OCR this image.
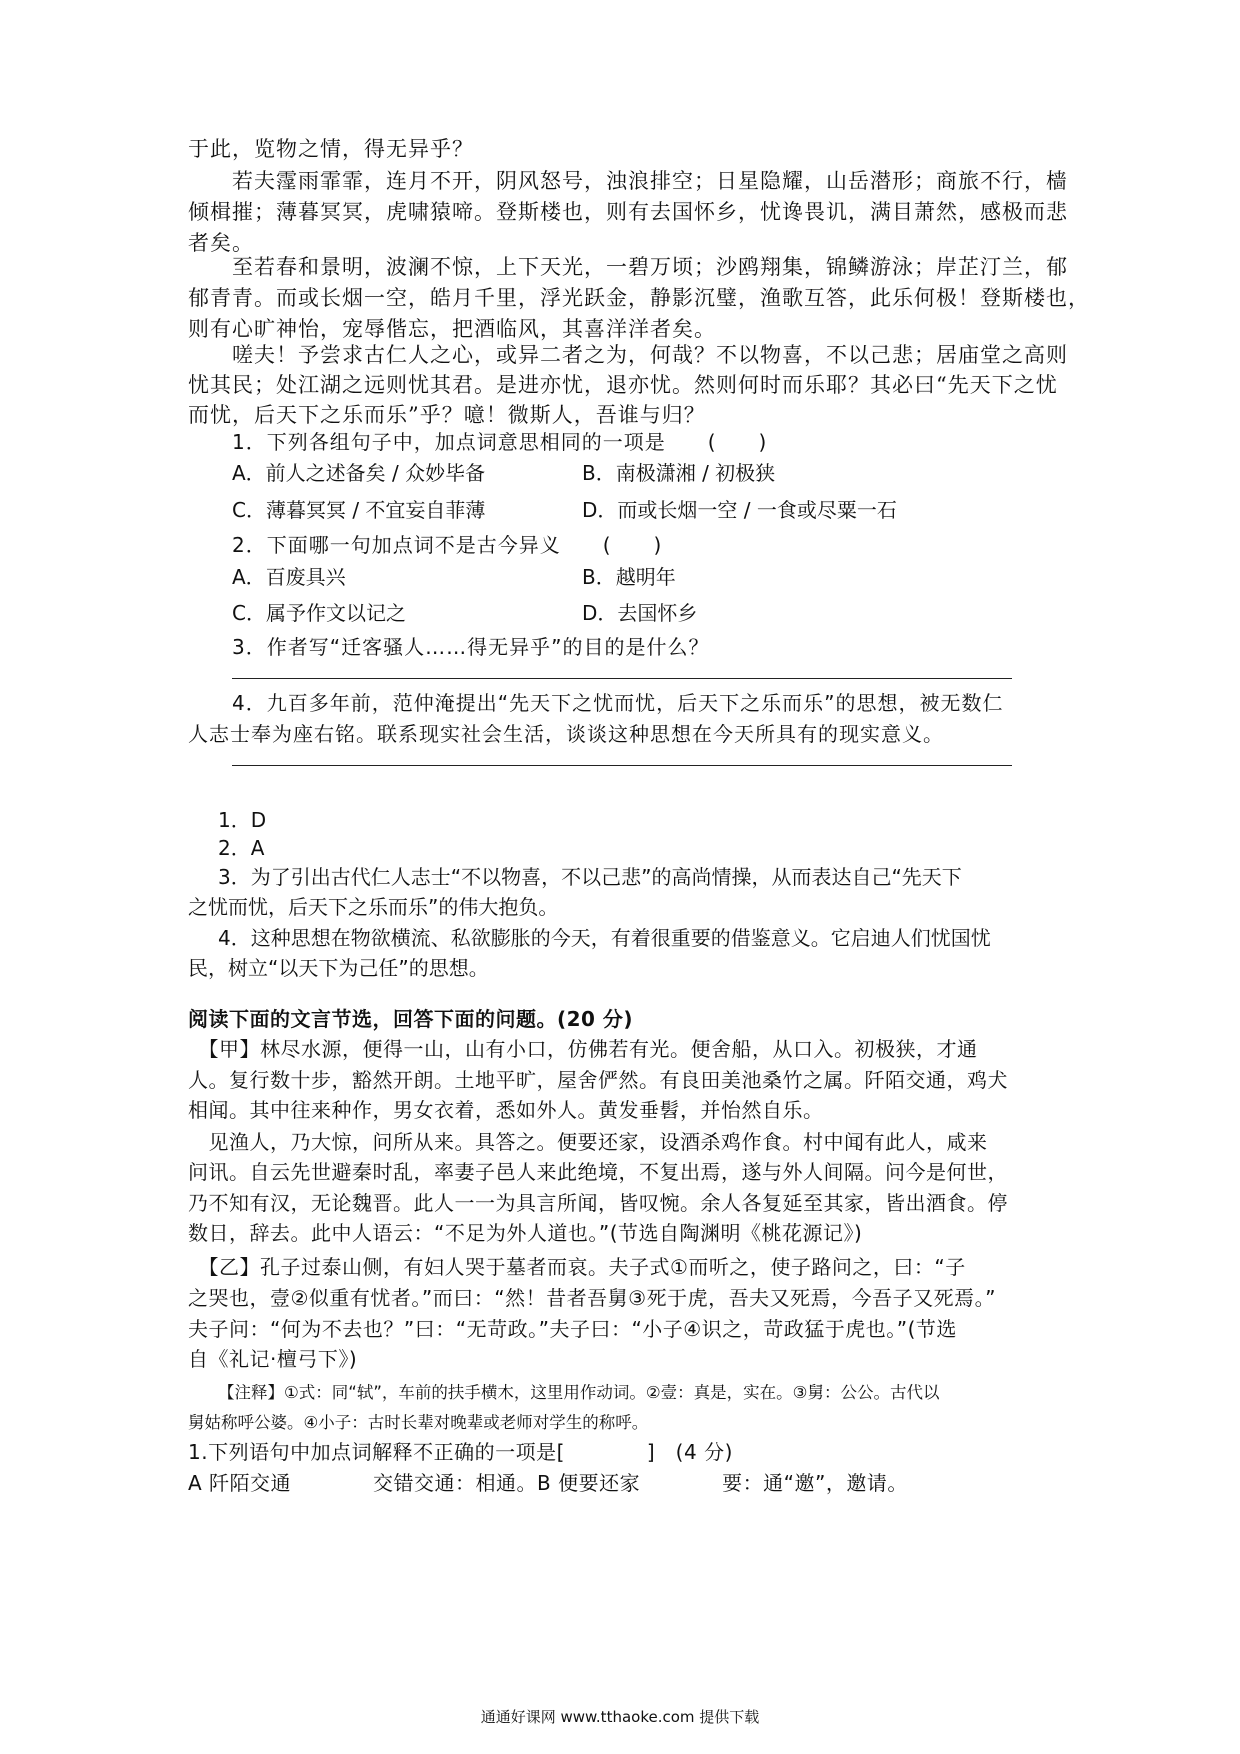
于此，览物之情，得无异乎？
若夫霪雨霏霏，连月不开，阴风怒号，浊浪排空；日星隐耀，山岳潜形；商旅不行，樯
倾楫摧；薄暮冥冥，虎啸猿啼。登斯楼也，则有去国怀乡，忧谗畏讥，满目萧然，感极而悲
者矣。
至若春和景明，波澜不惊，上下天光，一碧万顷；沙鸥翔集，锦鳞游泳；岸芷汀兰，郁
郁青青。而或长烟一空，皓月千里，浮光跃金，静影沉璧，渔歌互答，此乐何极！登斯楼也，
则有心旷神怡，宠辱偕忘，把酒临风，其喜洋洋者矣。
嗟夫！予尝求古仁人之心，或异二者之为，何哉？不以物喜，不以己悲；居庙堂之高则
忧其民；处江湖之远则忧其君。是进亦忧，退亦忧。然则何时而乐耶？其必曰“先天下之忧
而忧，后天下之乐而乐”乎？噫！微斯人，吾谁与归？
1．下列各组句子中，加点词意思相同的一项是　　(　　)
A．前人之述备矣 / 众妙毕备	B．南极潇湘 / 初极狭
C．薄暮冥冥 / 不宜妄自菲薄	D．而或长烟一空 / 一食或尽粟一石
2．下面哪一句加点词不是古今异义　　(　　)
A．百废具兴	B．越明年
C．属予作文以记之	D．去国怀乡
3．作者写“迁客骚人……得无异乎”的目的是什么？
4．九百多年前，范仲淹提出“先天下之忧而忧，后天下之乐而乐”的思想，被无数仁
人志士奉为座右铭。联系现实社会生活，谈谈这种思想在今天所具有的现实意义。
1．D
2．A
3．为了引出古代仁人志士“不以物喜，不以己悲”的高尚情操，从而表达自己“先天下
之忧而忧，后天下之乐而乐”的伟大抱负。
4．这种思想在物欲横流、私欲膨胀的今天，有着很重要的借鉴意义。它启迪人们忧国忧
民，树立“以天下为己任”的思想。
阅读下面的文言节选，回答下面的问题。(20 分)
　【甲】林尽水源，便得一山，山有小口，仿佛若有光。便舍船，从口入。初极狭，才通
人。复行数十步，豁然开朗。土地平旷，屋舍俨然。有良田美池桑竹之属。阡陌交通，鸡犬
相闻。其中往来种作，男女衣着，悉如外人。黄发垂髫，并怡然自乐。
　见渔人，乃大惊，问所从来。具答之。便要还家，设酒杀鸡作食。村中闻有此人，咸来
问讯。自云先世避秦时乱，率妻子邑人来此绝境，不复出焉，遂与外人间隔。问今是何世，
乃不知有汉，无论魏晋。此人一一为具言所闻，皆叹惋。余人各复延至其家，皆出酒食。停
数日，辞去。此中人语云：“不足为外人道也。”(节选自陶渊明《桃花源记》)
　【乙】孔子过泰山侧，有妇人哭于墓者而哀。夫子式①而听之，使子路问之，曰：“子
之哭也，壹②似重有忧者。”而曰：“然！昔者吾舅③死于虎，吾夫又死焉，今吾子又死焉。”
夫子问：“何为不去也？”曰：“无苛政。”夫子曰：“小子④识之，苛政猛于虎也。”(节选
自《礼记·檀弓下》)
【注释】①式：同“轼”，车前的扶手横木，这里用作动词。②壹：真是，实在。③舅：公公。古代以
舅姑称呼公婆。④小子：古时长辈对晚辈或老师对学生的称呼。
1.下列语句中加点词解释不正确的一项是[　　　　]　(4 分)
A 阡陌交通　　　　交错交通：相通。B 便要还家　　　　要：通“邀”，邀请。
通通好课网 www.tthaoke.com 提供下载
